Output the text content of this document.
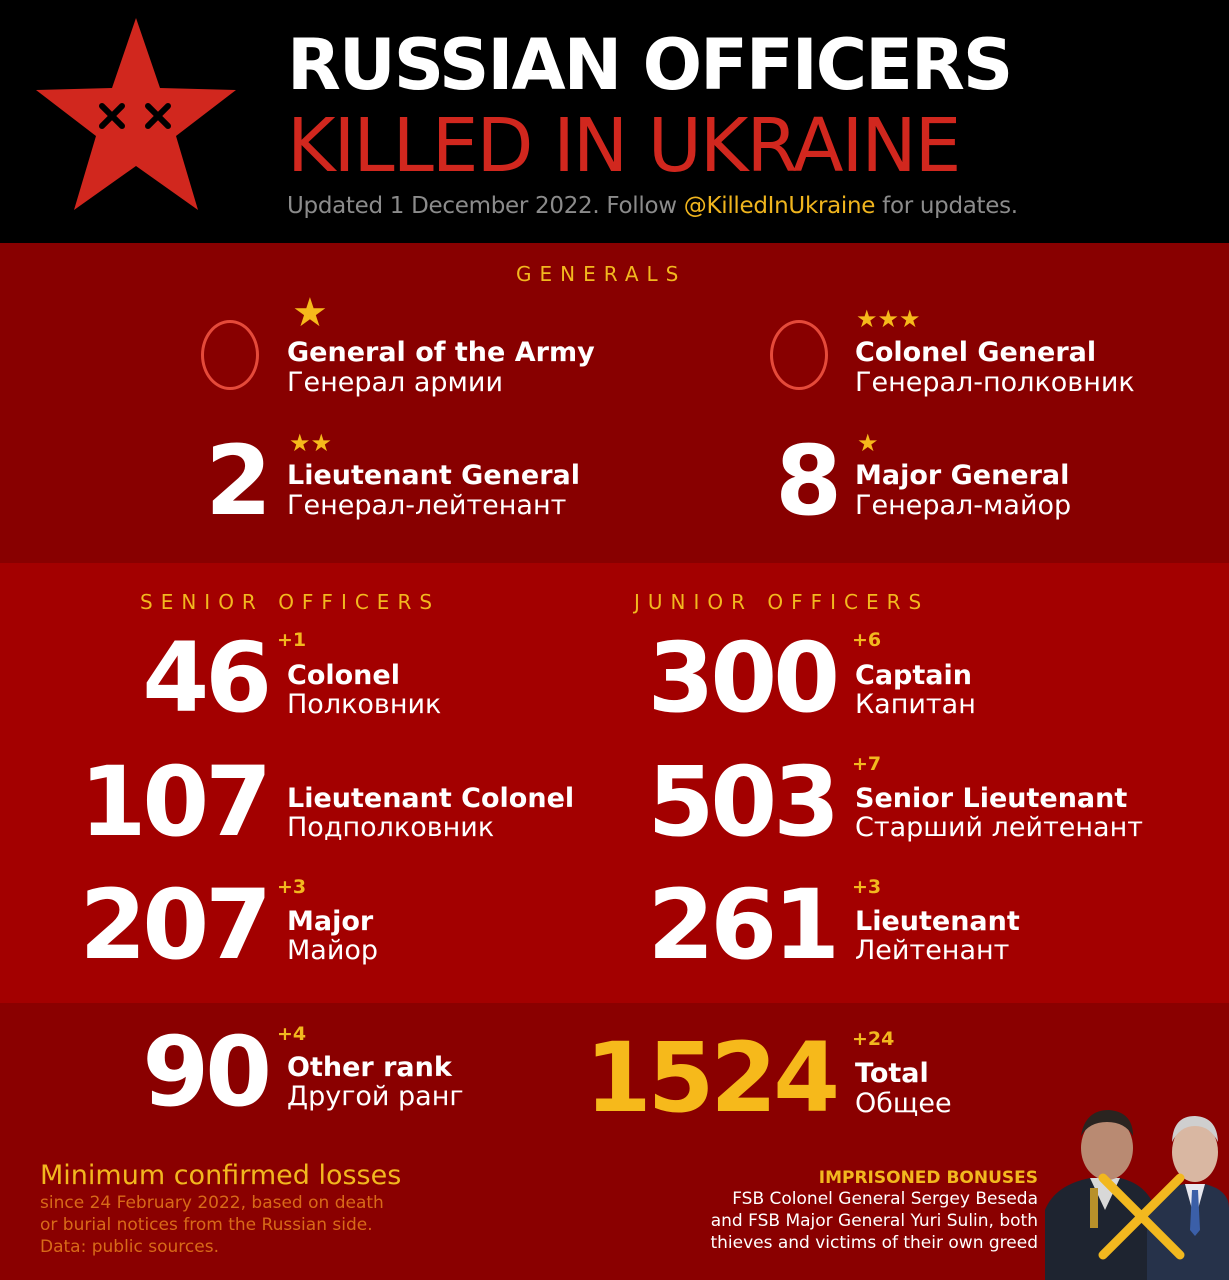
RUSSIAN OFFICERS
KILLED IN UKRAINE
Updated 1 December 2022. Follow @KilledInUkraine for updates.
GENERALS
★
General of the Army
Генерал армии
★★★
Colonel General
Генерал-полковник
2 ★★
Lieutenant General
Генерал-лейтенант	8 ★
Major General
Генерал-майор
SENIOR OFFICERS
46 +1
Colonel
Полковник
107 Lieutenant Colonel
Подполковник
207 +3
Major
Майор
JUNIOR OFFICERS
300 +6
Captain
Капитан
503 +7
Senior Lieutenant
Старший лейтенант
261 +3
Lieutenant
Лейтенант
90 +4
Other rank
Другой ранг	1524 +24
Total
Общее
Minimum confirmed losses
since 24 February 2022, based on death
or burial notices from the Russian side.
Data: public sources.
IMPRISONED BONUSES
FSB Colonel General Sergey Beseda
and FSB Major General Yuri Sulin, both
thieves and victims of their own greed
